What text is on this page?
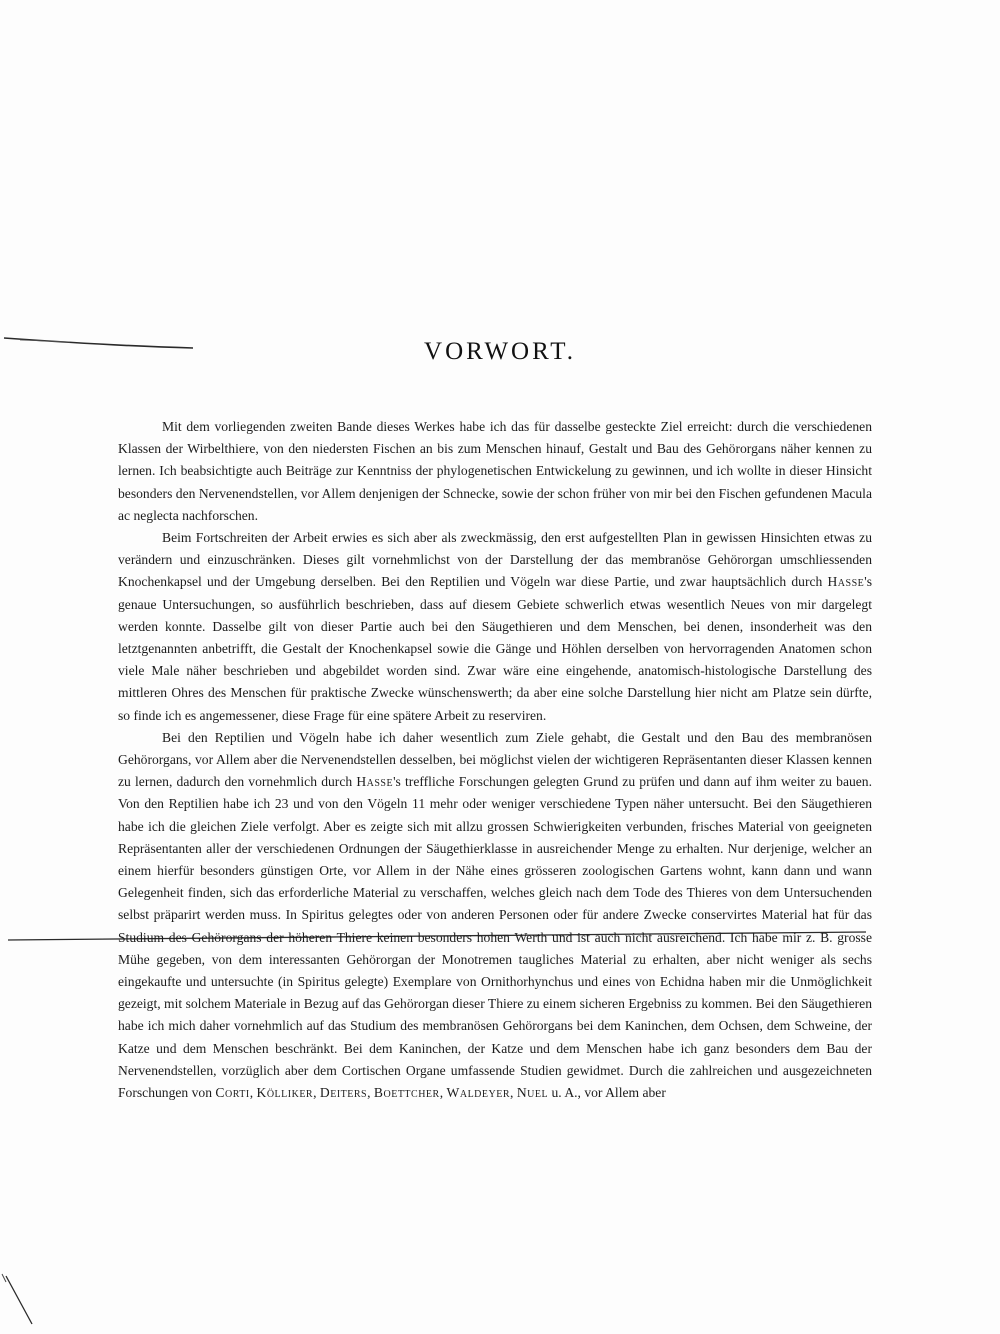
VORWORT.

Mit dem vorliegenden zweiten Bande dieses Werkes habe ich das für dasselbe gesteckte Ziel erreicht: durch die verschiedenen Klassen der Wirbelthiere, von den niedersten Fischen an bis zum Menschen hinauf, Gestalt und Bau des Gehörorgans näher kennen zu lernen. Ich beabsichtigte auch Beiträge zur Kenntniss der phylogenetischen Entwickelung zu gewinnen, und ich wollte in dieser Hinsicht besonders den Nervenendstellen, vor Allem denjenigen der Schnecke, sowie der schon früher von mir bei den Fischen gefundenen Macula ac neglecta nachforschen.

Beim Fortschreiten der Arbeit erwies es sich aber als zweckmässig, den erst aufgestellten Plan in gewissen Hinsichten etwas zu verändern und einzuschränken. Dieses gilt vornehmlichst von der Darstellung der das membranöse Gehörorgan umschliessenden Knochenkapsel und der Umgebung derselben. Bei den Reptilien und Vögeln war diese Partie, und zwar hauptsächlich durch Hasse's genaue Untersuchungen, so ausführlich beschrieben, dass auf diesem Gebiete schwerlich etwas wesentlich Neues von mir dargelegt werden konnte. Dasselbe gilt von dieser Partie auch bei den Säugethieren und dem Menschen, bei denen, insonderheit was den letztgenannten anbetrifft, die Gestalt der Knochenkapsel sowie die Gänge und Höhlen derselben von hervorragenden Anatomen schon viele Male näher beschrieben und abgebildet worden sind. Zwar wäre eine eingehende, anatomisch-histologische Darstellung des mittleren Ohres des Menschen für praktische Zwecke wünschenswerth; da aber eine solche Darstellung hier nicht am Platze sein dürfte, so finde ich es angemessener, diese Frage für eine spätere Arbeit zu reserviren.

Bei den Reptilien und Vögeln habe ich daher wesentlich zum Ziele gehabt, die Gestalt und den Bau des membranösen Gehörorgans, vor Allem aber die Nervenendstellen desselben, bei möglichst vielen der wichtigeren Repräsentanten dieser Klassen kennen zu lernen, dadurch den vornehmlich durch Hasse's treffliche Forschungen gelegten Grund zu prüfen und dann auf ihm weiter zu bauen. Von den Reptilien habe ich 23 und von den Vögeln 11 mehr oder weniger verschiedene Typen näher untersucht. Bei den Säugethieren habe ich die gleichen Ziele verfolgt. Aber es zeigte sich mit allzu grossen Schwierigkeiten verbunden, frisches Material von geeigneten Repräsentanten aller der verschiedenen Ordnungen der Säugethierklasse in ausreichender Menge zu erhalten. Nur derjenige, welcher an einem hierfür besonders günstigen Orte, vor Allem in der Nähe eines grösseren zoologischen Gartens wohnt, kann dann und wann Gelegenheit finden, sich das erforderliche Material zu verschaffen, welches gleich nach dem Tode des Thieres von dem Untersuchenden selbst präparirt werden muss. In Spiritus gelegtes oder von anderen Personen oder für andere Zwecke conservirtes Material hat für das Studium des Gehörorgans der höheren Thiere keinen besonders hohen Werth und ist auch nicht ausreichend. Ich habe mir z. B. grosse Mühe gegeben, von dem interessanten Gehörorgan der Monotremen taugliches Material zu erhalten, aber nicht weniger als sechs eingekaufte und untersuchte (in Spiritus gelegte) Exemplare von Ornithorhynchus und eines von Echidna haben mir die Unmöglichkeit gezeigt, mit solchem Materiale in Bezug auf das Gehörorgan dieser Thiere zu einem sicheren Ergebniss zu kommen. Bei den Säugethieren habe ich mich daher vornehmlich auf das Studium des membranösen Gehörorgans bei dem Kaninchen, dem Ochsen, dem Schweine, der Katze und dem Menschen beschränkt. Bei dem Kaninchen, der Katze und dem Menschen habe ich ganz besonders dem Bau der Nervenendstellen, vorzüglich aber dem Cortischen Organe umfassende Studien gewidmet. Durch die zahlreichen und ausgezeichneten Forschungen von Corti, Kölliker, Deiters, Boettcher, Waldeyer, Nuel u. A., vor Allem aber
